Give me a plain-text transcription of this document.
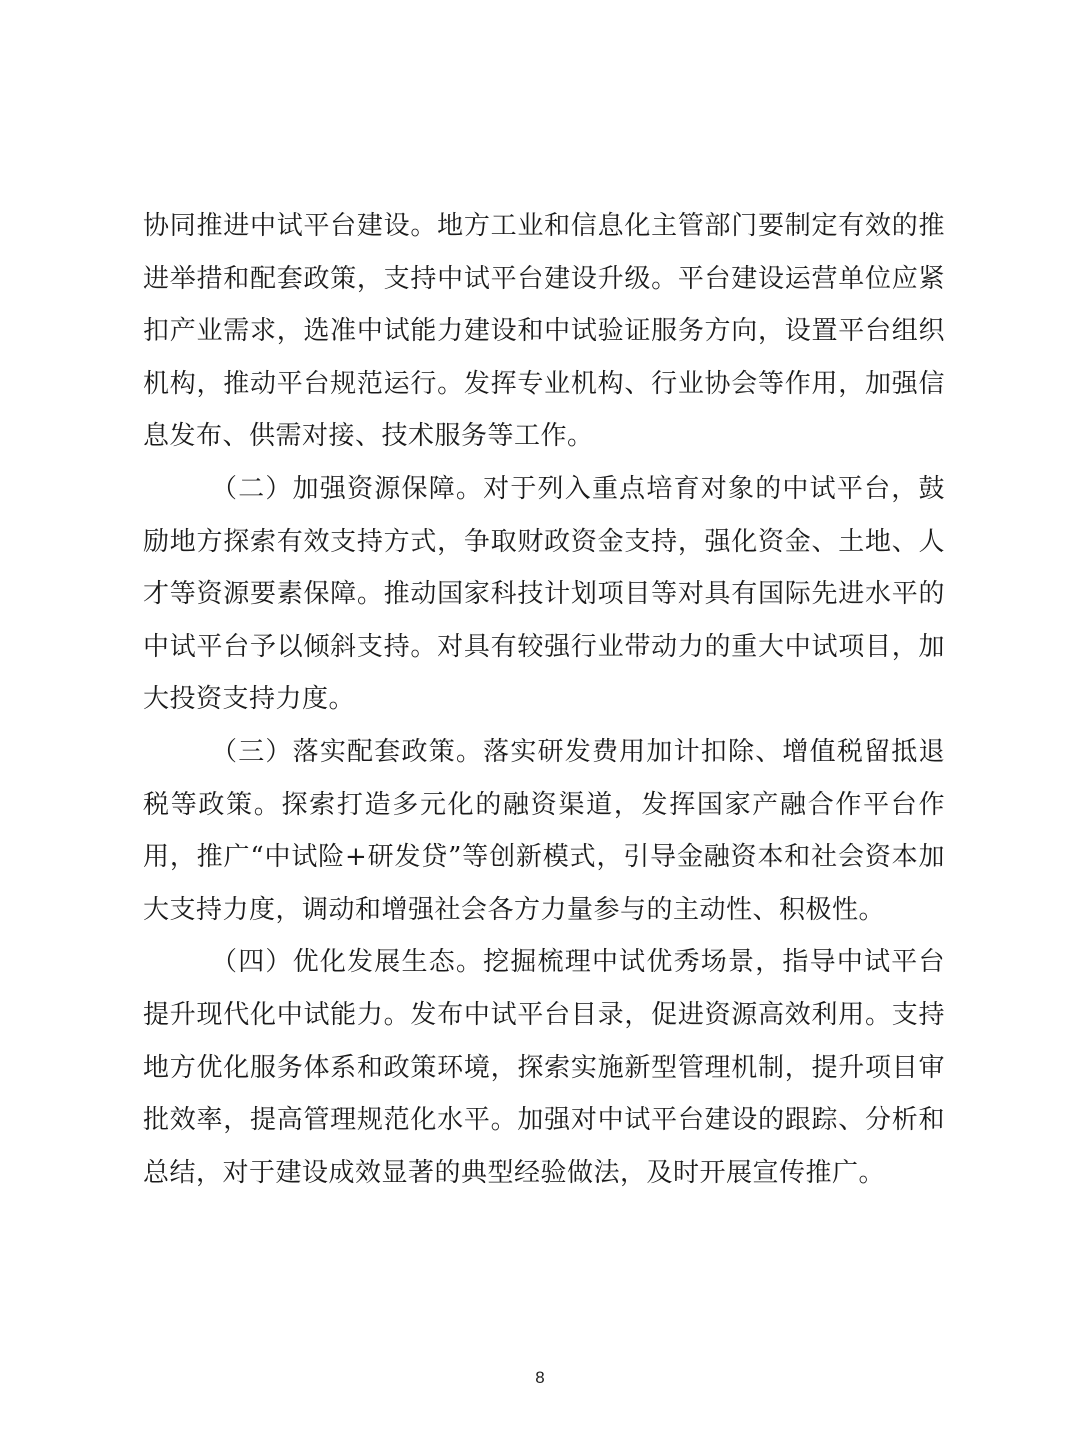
协同推进中试平台建设。地方工业和信息化主管部门要制定有效的推进举措和配套政策，支持中试平台建设升级。平台建设运营单位应紧扣产业需求，选准中试能力建设和中试验证服务方向，设置平台组织机构，推动平台规范运行。发挥专业机构、行业协会等作用，加强信息发布、供需对接、技术服务等工作。

（二）加强资源保障。对于列入重点培育对象的中试平台，鼓励地方探索有效支持方式，争取财政资金支持，强化资金、土地、人才等资源要素保障。推动国家科技计划项目等对具有国际先进水平的中试平台予以倾斜支持。对具有较强行业带动力的重大中试项目，加大投资支持力度。

（三）落实配套政策。落实研发费用加计扣除、增值税留抵退税等政策。探索打造多元化的融资渠道，发挥国家产融合作平台作用，推广“中试险+研发贷”等创新模式，引导金融资本和社会资本加大支持力度，调动和增强社会各方力量参与的主动性、积极性。

（四）优化发展生态。挖掘梳理中试优秀场景，指导中试平台提升现代化中试能力。发布中试平台目录，促进资源高效利用。支持地方优化服务体系和政策环境，探索实施新型管理机制，提升项目审批效率，提高管理规范化水平。加强对中试平台建设的跟踪、分析和总结，对于建设成效显著的典型经验做法，及时开展宣传推广。

8
